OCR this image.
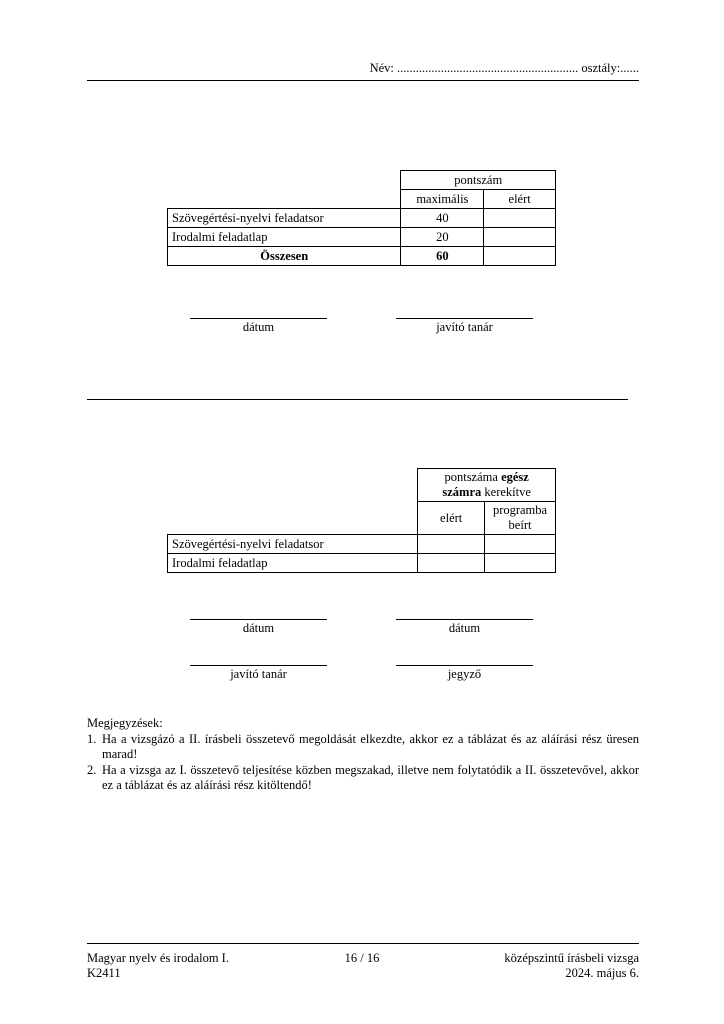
Név: .......................................................... osztály:......
	pontszám	
	maximális	elért
Szövegértési-nyelvi feladatsor	40	
Irodalmi feladatlap	20	
Összesen	60	
dátum	javító tanár
	pontszáma egész
számra kerekítve	
	elért	programba
beírt
Szövegértési-nyelvi feladatsor		
Irodalmi feladatlap		
dátum	dátum
javító tanár	jegyző
Megjegyzések:
1. Ha a vizsgázó a II. írásbeli összetevő megoldását elkezdte, akkor ez a táblázat és az aláírási rész üresen marad!
2. Ha a vizsga az I. összetevő teljesítése közben megszakad, illetve nem folytatódik a II. összetevővel, akkor ez a táblázat és az aláírási rész kitöltendő!
Magyar nyelv és irodalom I.
K2411
16 / 16	középszintű írásbeli vizsga
2024. május 6.
